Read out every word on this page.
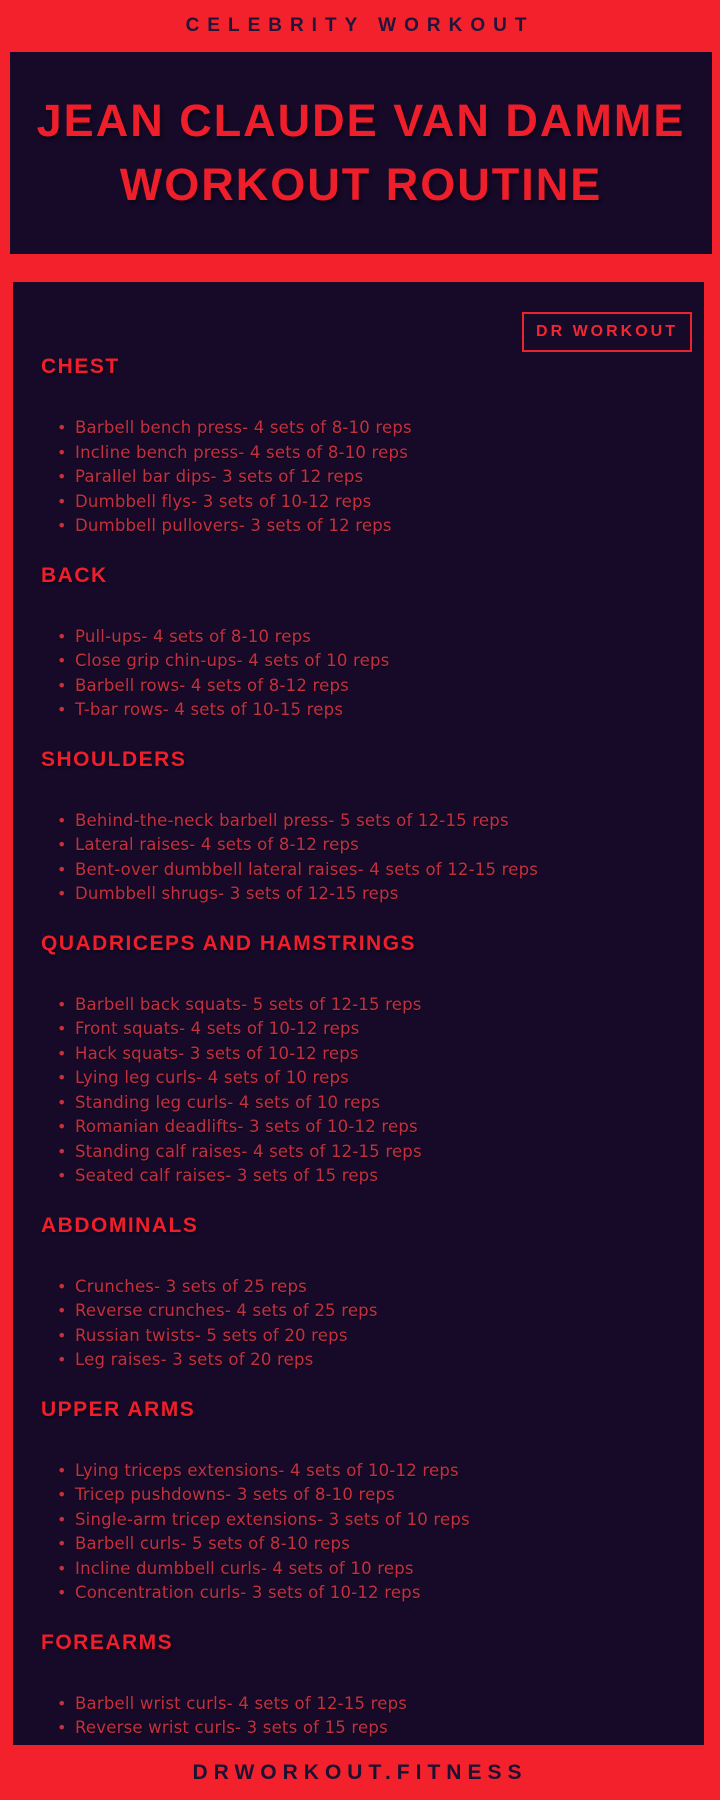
CELEBRITY WORKOUT
JEAN CLAUDE VAN DAMME
WORKOUT ROUTINE
DR WORKOUT
CHEST
• Barbell bench press- 4 sets of 8-10 reps
• Incline bench press- 4 sets of 8-10 reps
• Parallel bar dips- 3 sets of 12 reps
• Dumbbell flys- 3 sets of 10-12 reps
• Dumbbell pullovers- 3 sets of 12 reps
BACK
• Pull-ups- 4 sets of 8-10 reps
• Close grip chin-ups- 4 sets of 10 reps
• Barbell rows- 4 sets of 8-12 reps
• T-bar rows- 4 sets of 10-15 reps
SHOULDERS
• Behind-the-neck barbell press- 5 sets of 12-15 reps
• Lateral raises- 4 sets of 8-12 reps
• Bent-over dumbbell lateral raises- 4 sets of 12-15 reps
• Dumbbell shrugs- 3 sets of 12-15 reps
QUADRICEPS AND HAMSTRINGS
• Barbell back squats- 5 sets of 12-15 reps
• Front squats- 4 sets of 10-12 reps
• Hack squats- 3 sets of 10-12 reps
• Lying leg curls- 4 sets of 10 reps
• Standing leg curls- 4 sets of 10 reps
• Romanian deadlifts- 3 sets of 10-12 reps
• Standing calf raises- 4 sets of 12-15 reps
• Seated calf raises- 3 sets of 15 reps
ABDOMINALS
• Crunches- 3 sets of 25 reps
• Reverse crunches- 4 sets of 25 reps
• Russian twists- 5 sets of 20 reps
• Leg raises- 3 sets of 20 reps
UPPER ARMS
• Lying triceps extensions- 4 sets of 10-12 reps
• Tricep pushdowns- 3 sets of 8-10 reps
• Single-arm tricep extensions- 3 sets of 10 reps
• Barbell curls- 5 sets of 8-10 reps
• Incline dumbbell curls- 4 sets of 10 reps
• Concentration curls- 3 sets of 10-12 reps
FOREARMS
• Barbell wrist curls- 4 sets of 12-15 reps
• Reverse wrist curls- 3 sets of 15 reps
DRWORKOUT.FITNESS
